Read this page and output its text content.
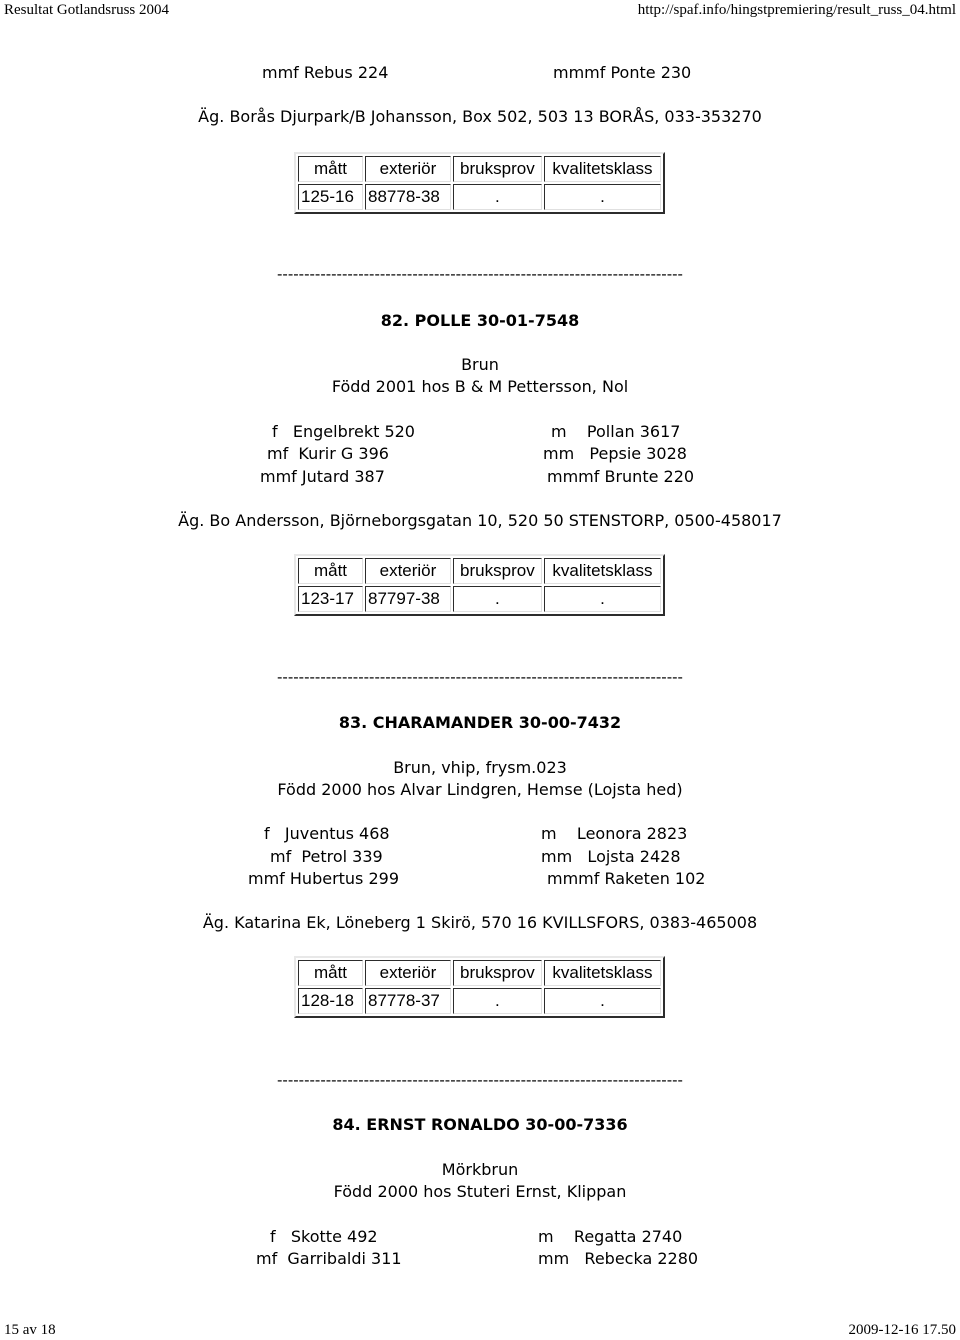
Resultat Gotlandsruss 2004	http://spaf.info/hingstpremiering/result_russ_04.html
mmf Rebus 224	mmmf Ponte 230
Äg. Borås Djurpark/B Johansson, Box 502, 503 13 BORÅS, 033-353270
mått	exteriör	bruksprov	kvalitetsklass
125-16	88778-38	.	.
---------------------------------------------------------------------------
82. POLLE 30-01-7548
Brun
Född 2001 hos B & M Pettersson, Nol
f   Engelbrekt 520	m    Pollan 3617
mf  Kurir G 396	mm   Pepsie 3028
mmf Jutard 387	mmmf Brunte 220
Äg. Bo Andersson, Björneborgsgatan 10, 520 50 STENSTORP, 0500-458017
mått	exteriör	bruksprov	kvalitetsklass
123-17	87797-38	.	.
---------------------------------------------------------------------------
83. CHARAMANDER 30-00-7432
Brun, vhip, frysm.023
Född 2000 hos Alvar Lindgren, Hemse (Lojsta hed)
f   Juventus 468	m    Leonora 2823
mf  Petrol 339	mm   Lojsta 2428
mmf Hubertus 299	mmmf Raketen 102
Äg. Katarina Ek, Löneberg 1 Skirö, 570 16 KVILLSFORS, 0383-465008
mått	exteriör	bruksprov	kvalitetsklass
128-18	87778-37	.	.
---------------------------------------------------------------------------
84. ERNST RONALDO 30-00-7336
Mörkbrun
Född 2000 hos Stuteri Ernst, Klippan
f   Skotte 492	m    Regatta 2740
mf  Garribaldi 311	mm   Rebecka 2280
15 av 18	2009-12-16 17.50
